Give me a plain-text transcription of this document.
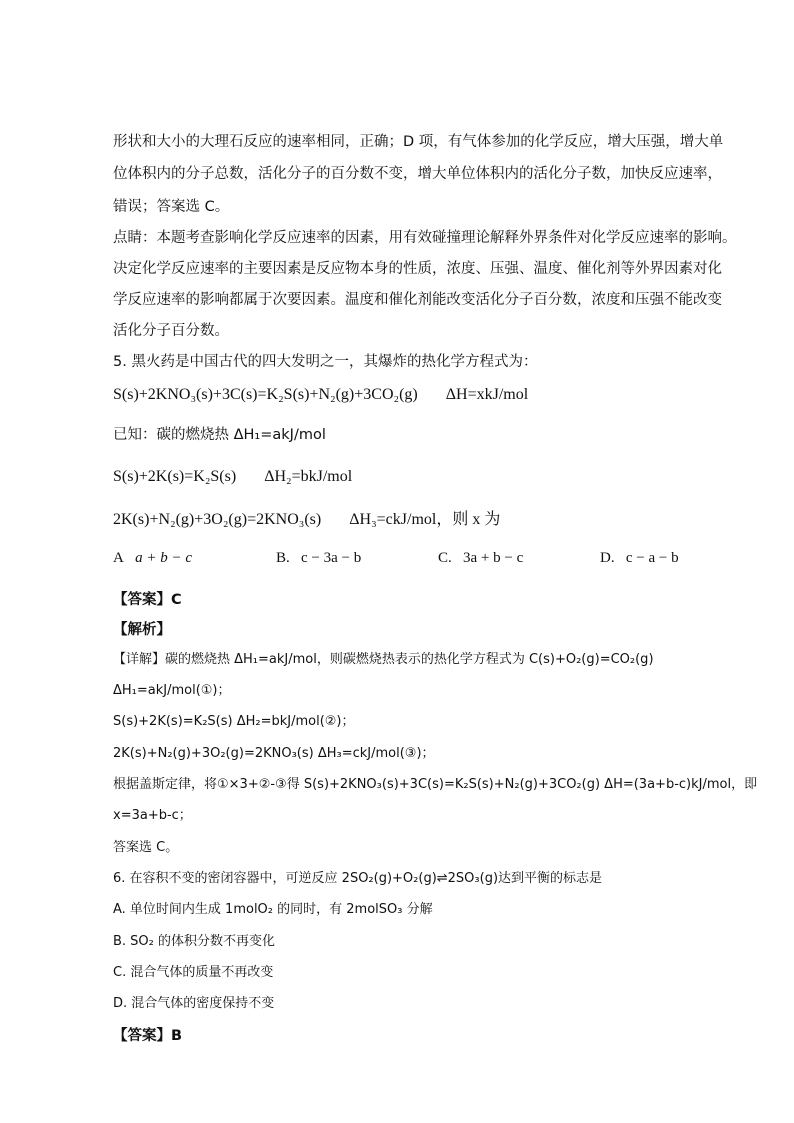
形状和大小的大理石反应的速率相同，正确；D 项，有气体参加的化学反应，增大压强，增大单
位体积内的分子总数，活化分子的百分数不变，增大单位体积内的活化分子数，加快反应速率，
错误；答案选 C。
点睛：本题考查影响化学反应速率的因素，用有效碰撞理论解释外界条件对化学反应速率的影响。
决定化学反应速率的主要因素是反应物本身的性质，浓度、压强、温度、催化剂等外界因素对化
学反应速率的影响都属于次要因素。温度和催化剂能改变活化分子百分数，浓度和压强不能改变
活化分子百分数。
5. 黑火药是中国古代的四大发明之一，其爆炸的热化学方程式为：
S(s)+2KNO₃(s)+3C(s)=K₂S(s)+N₂(g)+3CO₂(g) ΔH=xkJ/mol
已知：碳的燃烧热 ΔH₁=akJ/mol
S(s)+2K(s)=K₂S(s) ΔH₂=bkJ/mol
2K(s)+N₂(g)+3O₂(g)=2KNO₃(s) ΔH₃=ckJ/mol，则 x 为
A a + b − c	B. c − 3a − b	C. 3a + b − c	D. c − a − b
【答案】C
【解析】
【详解】碳的燃烧热 ΔH₁=akJ/mol，则碳燃烧热表示的热化学方程式为 C(s)+O₂(g)=CO₂(g)
ΔH₁=akJ/mol(①)；
S(s)+2K(s)=K₂S(s) ΔH₂=bkJ/mol(②)；
2K(s)+N₂(g)+3O₂(g)=2KNO₃(s) ΔH₃=ckJ/mol(③)；
根据盖斯定律，将①×3+②-③得 S(s)+2KNO₃(s)+3C(s)=K₂S(s)+N₂(g)+3CO₂(g) ΔH=(3a+b-c)kJ/mol，即
x=3a+b-c；
答案选 C。
6. 在容积不变的密闭容器中，可逆反应 2SO₂(g)+O₂(g)⇌2SO₃(g)达到平衡的标志是
A. 单位时间内生成 1molO₂ 的同时，有 2molSO₃ 分解
B. SO₂ 的体积分数不再变化
C. 混合气体的质量不再改变
D. 混合气体的密度保持不变
【答案】B
